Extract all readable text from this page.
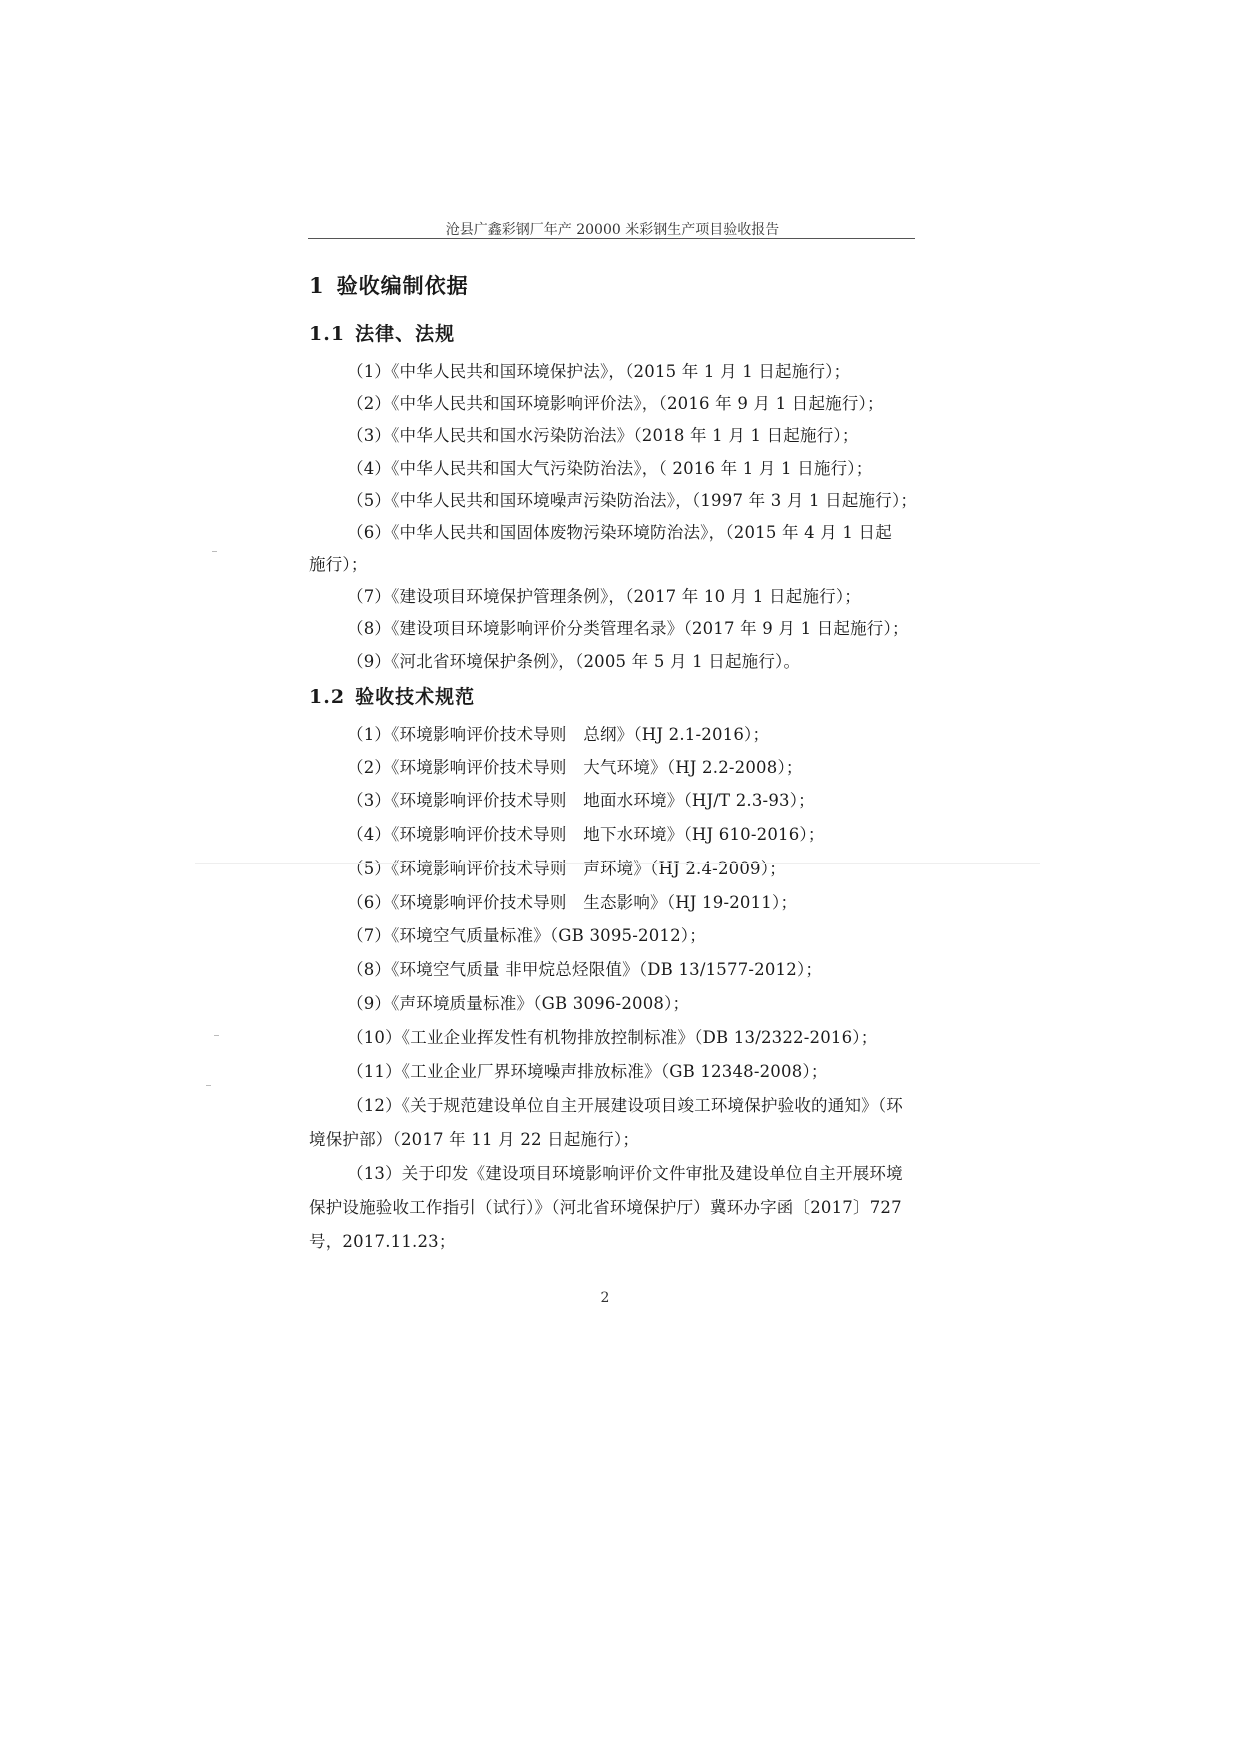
沧县广鑫彩钢厂年产 20000 米彩钢生产项目验收报告
1 验收编制依据
1.1 法律、法规
（1）《中华人民共和国环境保护法》，（2015 年 1 月 1 日起施行）；
（2）《中华人民共和国环境影响评价法》，（2016 年 9 月 1 日起施行）；
（3）《中华人民共和国水污染防治法》（2018 年 1 月 1 日起施行）；
（4）《中华人民共和国大气污染防治法》，（ 2016 年 1 月 1 日施行）；
（5）《中华人民共和国环境噪声污染防治法》，（1997 年 3 月 1 日起施行）；
（6）《中华人民共和国固体废物污染环境防治法》，（2015 年 4 月 1 日起
施行）；
（7）《建设项目环境保护管理条例》，（2017 年 10 月 1 日起施行）；
（8）《建设项目环境影响评价分类管理名录》（2017 年 9 月 1 日起施行）；
（9）《河北省环境保护条例》，（2005 年 5 月 1 日起施行）。
1.2 验收技术规范
（1）《环境影响评价技术导则　总纲》（HJ 2.1-2016）；
（2）《环境影响评价技术导则　大气环境》（HJ 2.2-2008）；
（3）《环境影响评价技术导则　地面水环境》（HJ/T 2.3-93）；
（4）《环境影响评价技术导则　地下水环境》（HJ 610-2016）；
（5）《环境影响评价技术导则　声环境》（HJ 2.4-2009）；
（6）《环境影响评价技术导则　生态影响》（HJ 19-2011）；
（7）《环境空气质量标准》（GB 3095-2012）；
（8）《环境空气质量 非甲烷总烃限值》（DB 13/1577-2012）；
（9）《声环境质量标准》（GB 3096-2008）；
（10）《工业企业挥发性有机物排放控制标准》（DB 13/2322-2016）；
（11）《工业企业厂界环境噪声排放标准》（GB 12348-2008）；
（12）《关于规范建设单位自主开展建设项目竣工环境保护验收的通知》（环
境保护部）（2017 年 11 月 22 日起施行）；
（13）关于印发《建设项目环境影响评价文件审批及建设单位自主开展环境
保护设施验收工作指引（试行）》（河北省环境保护厅）冀环办字函〔2017〕727
号，2017.11.23；
2
